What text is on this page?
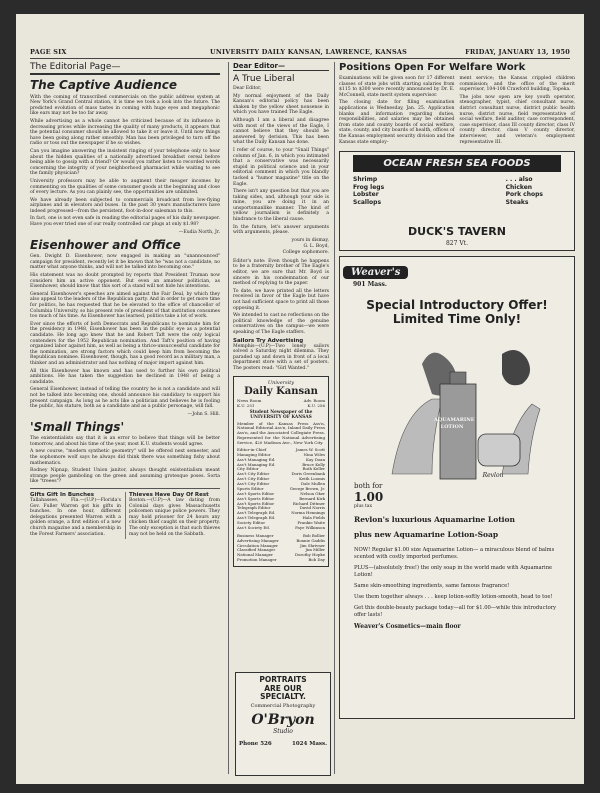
PAGE SIX	UNIVERSITY DAILY KANSAN, LAWRENCE, KANSAS	FRIDAY, JANUARY 13, 1950
The Editorial Page—
The Captive Audience

With the coming of transcribed commercials on the public address system at New York's Grand Central station, it is time we took a look into the future. The predicted evolution of mass tastes in coming with huge eyes and megaphonic like ears may not be too far away.

While advertising as a whole cannot be criticized because of its influence in decreasing prices while increasing the quality of many products, it appears that the potential consumer should be allowed to take it or leave it. Until now things have been going along rather smoothly. Man has been privileged to turn off the radio or toss out the newspaper if he so wishes.

Can you imagine answering the insistent ringing of your telephone only to hear about the hidden qualities of a nationally advertised breakfast cereal before being able to gossip with a friend? Or would you rather listen to recorded words concerning the integrity of your neighborhood pharmacist while waiting to see the family physician?

University professors may be able to augment their meager incomes by commenting on the qualities of some consumer goods at the beginning and close of every lecture. As you can plainly see, the opportunities are unlimited.

We have already been subjected to commercials broadcast from low-flying airplanes and in elevators and buses. In the past 30 years manufacturers have indeed progressed—from the persistent, foot-in-door salesman to this.

In fact, one is not even safe in reading the editorial pages of his daily newspaper. Have you ever tried one of our really controlled car plugs at only $1.98?

—Eudia North, Jr.
Eisenhower and Office

Gen. Dwight D. Eisenhower, now engaged in making an "unannounced" campaign for president, recently let it be known that he "was not a candidate, no matter what anyone thinks, and will not be talked into becoming one."

His statement was no doubt prompted by reports that President Truman now considers him an active opponent. But even an amateur politician, as Eisenhower, should know that this sort of a stand will not hide his intentions.

General Eisenhower's speeches are aimed against the Fair Deal, by which they also appeal to the leaders of the Republican party. And in order to get more time for politics, he has requested that he be elevated to the office of chancellor of Columbia University, so his present role of president of that institution consumes too much of his time. As Eisenhower has learned, politics take a lot of work.

Ever since the efforts of both Democrats and Republicans to nominate him for the presidency in 1948, Eisenhower has been in the public eye as a potential candidate. He long ago knew that he and Robert Taft were the only logical contenders for the 1952 Republican nomination. And Taft's position of having organized labor against him, as well as being a thrice-unsuccessful candidate for the nomination, are strong factors which could keep him from becoming the Republican nominee. Eisenhower, though, has a good record as a military man, a thinker and an administrator and has nothing of major import against him.

All this Eisenhower has known and has used to further his own political ambitions. He has taken the suggestion he declined in 1948 of being a candidate.

General Eisenhower, instead of telling the country he is not a candidate and will not be talked into becoming one, should announce his candidacy to support his present campaign. As long as he acts like a politician and believes he is fooling the public, his stature, both as a candidate and as a public personage, will fall.

—John S. Hill.
'Small Things'

The existentialists say that it is an error to believe that things will be better tomorrow, and about his time of the year, most K.U. students would agree.

A new course, "modern synthetic geometry" will be offered next semester, and the sophomore wolf says he always did think there was something fishy about mathematics.

Rodney Nipnap, Student Union janitor, always thought existentialism meant strange people gamboling on the green and assuming grotesque poses. Sorta like "treees"?

Gifts Gift In Bunches

Tallahassee, Fla.—(U.P)—Florida's Gov. Fuller Warren got his gifts in bunches. In one hour, different delegations presented Warren with a golden orange, a first edition of a new church magazine and a membership in the Forest Farmers' association.

Thieves Have Day Of Rest

Boston.—(U.P)—A law dating from Colonial days gives Massachusetts policemen unique police powers. They may hold prisoner for 24 hours any chicken thief caught on their property. The only exception is that such thieves may not be held on the Sabbath.

Dear Editor—
A True Liberal

Dear Editor,

My normal enjoyment of the Daily Kansan's editorial policy has been shaken by the yellow sheet nonsense in which you have trained The Eagle.

Although I am a liberal and disagree with most of the views of the Eagle, I cannot believe that they should be answered by derision. This has been what the Daily Kansan has done.

I refer of course, to your "Snail Things" column of Jan. 6, in which you intimated that a conservative was necessarily stupid in political science and in your editorial comment in which you blandly tacked a "humor magazine" title on the Eagle.

There isn't any question but that you are taking sides, and, although your side is mine, you are doing it in an unsportsmanlike manner. The kind of yellow journalism is definitely a hindrance to the liberal cause.

In the future, let's answer arguments with arguments, please.

yours in dismay,
G. L. Boyd,
College sophomore.

Editor's note: Even though he happens to be a fraternity brother of The Eagle's editor, we are sure that Mr. Boyd is sincere in his condemnation of our method of replying to the paper.

To date, we have printed all the letters received in favor of the Eagle but have not had sufficient space to print all those opposing it.

We intended to cast no reflections on the political knowledge of the genuine conservatives on the campus—we were speaking of The Eagle staffers.

Sailors Try Advertising

Memphis—(U.P)—Two lonely sailors solved a Saturday night dilemma. They paraded up and down in front of a local department store with a set of posters. The posters read: "Girl Wanted."

University
Daily Kansan
News Room
K.U. 251
Adv. Room
K.U. 256
Student Newspaper of the
UNIVERSITY OF KANSAS

Member of the Kansas Press Ass'n, National Editorial Ass'n, Inland Daily Press Ass'n, and the Associated Collegiate Press. Represented for the National Advertising Service, 420 Madison Ave., New York City.

Editor-in-Chief	James W. Scott
Managing Editor	Nina Wiles
Ass't Managing Ed.	Kay Doan
Ass't Managing Ed.	Bruce Kelly
City Editor	Ruth Keller
Ass't City Editor	Doris Greenbank
Ass't City Editor	Keith Loomis
Ass't City Editor	Dale Mullen
Sports Editor	George Brown, Jr.
Ass't Sports Editor	Nelson Oker
Ass't Sports Editor	Bernard Kirk
Ass't Sports Editor	Richard Dittmer
Telegraph Editor	David Norris
Ass't Telegraph Ed.	Norma Hennings
Ass't Telegraph Ed.	Hala Fields
Society Editor	Frankie Waite
Ass't Society Ed.	Faye Wilkinson
Business Manager	Bob Bollier
Advertising Manager	Bonnie Gaddis
Circulation Manager	Jim Shrivner
Classified Manager	Jim Miller
National Manager	Dorothy Hopke
Promotion Manager	Bob Day
Positions Open For Welfare Work

Examinations will be given soon for 17 different classes of state jobs with starting salaries from $115 to $300 were recently announced by Dr. E. McConnell, state merit system supervisor.

The closing date for filing examination applications is Wednesday, Jan. 25. Application blanks and information regarding duties, responsibilities, and salaries may be obtained from state and county boards of social welfare, state, county, and city boards of health, offices of the Kansas employment security division and the Kansas state employ-

ment service; the Kansas crippled children commission; and the office of the merit supervisor, 104-108 Crawford building, Topeka.

The jobs now open are key youth operator, stenographer, typist, chief consultant nurse, district consultant nurse, district public health nurse, district nurse, field representative of social welfare, field auditor, case correspondent, case supervisor, class III county director, class IV county director, class V county director, interviewer, and veteran's employment representative III.

OCEAN FRESH SEA FOODS
Shrimp
Frog legs
Lobster
Scallops
. . . also
Chicken
Pork chops
Steaks
DUCK'S TAVERN
827 Vt.
Weaver's
901 Mass.
Special Introductory Offer!
Limited Time Only!
AQUAMARINE
LOTION
Revlon
both for
1.00
plus tax
Revlon's luxurious Aquamarine Lotion
plus new Aquamarine Lotion-Soap
NOW! Regular $1.00 size Aquamarine Lotion— a miraculous blend of balms scented with costly imported perfumes.
PLUS—(absolutely free!) the only soap in the world made with Aquamarine Lotion!
Same skin-smoothing ingredients, same famous fragrance!
Use them together always . . . keep lotion-softly lotion-smooth, head to toe!
Get this double-beauty package today—all for $1.00—while this introductory offer lasts!
Weaver's Cosmetics—main floor
PORTRAITS
ARE OUR
SPECIALTY.
Commercial Photography
O'Bryon
Studio
Phone 526	1024 Mass.
